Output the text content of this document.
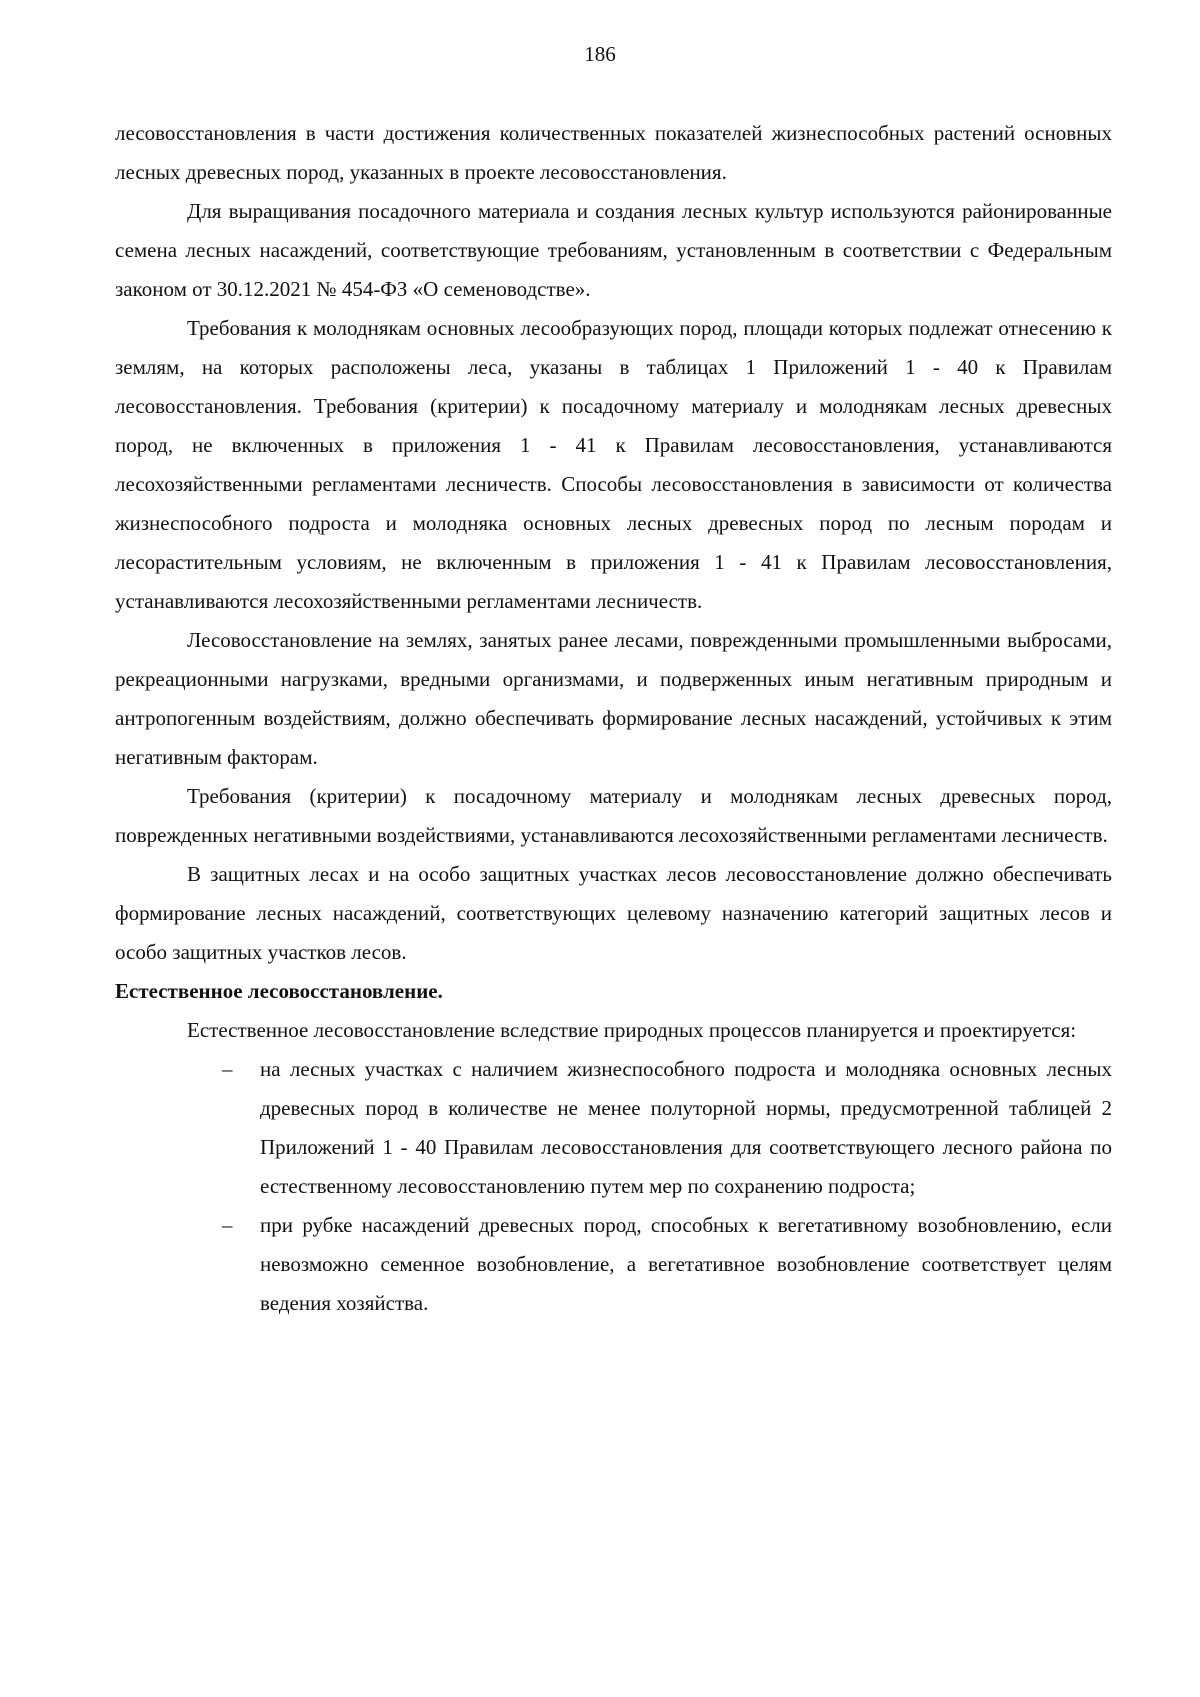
186

лесовосстановления в части достижения количественных показателей жизнеспособных растений основных лесных древесных пород, указанных в проекте лесовосстановления.

Для выращивания посадочного материала и создания лесных культур используются районированные семена лесных насаждений, соответствующие требованиям, установленным в соответствии с Федеральным законом от 30.12.2021 № 454-ФЗ «О семеноводстве».

Требования к молоднякам основных лесообразующих пород, площади которых подлежат отнесению к землям, на которых расположены леса, указаны в таблицах 1 Приложений 1 - 40 к Правилам лесовосстановления. Требования (критерии) к посадочному материалу и молоднякам лесных древесных пород, не включенных в приложения 1 - 41 к Правилам лесовосстановления, устанавливаются лесохозяйственными регламентами лесничеств. Способы лесовосстановления в зависимости от количества жизнеспособного подроста и молодняка основных лесных древесных пород по лесным породам и лесорастительным условиям, не включенным в приложения 1 - 41 к Правилам лесовосстановления, устанавливаются лесохозяйственными регламентами лесничеств.

Лесовосстановление на землях, занятых ранее лесами, поврежденными промышленными выбросами, рекреационными нагрузками, вредными организмами, и подверженных иным негативным природным и антропогенным воздействиям, должно обеспечивать формирование лесных насаждений, устойчивых к этим негативным факторам.

Требования (критерии) к посадочному материалу и молоднякам лесных древесных пород, поврежденных негативными воздействиями, устанавливаются лесохозяйственными регламентами лесничеств.

В защитных лесах и на особо защитных участках лесов лесовосстановление должно обеспечивать формирование лесных насаждений, соответствующих целевому назначению категорий защитных лесов и особо защитных участков лесов.

Естественное лесовосстановление.

Естественное лесовосстановление вследствие природных процессов планируется и проектируется:

– на лесных участках с наличием жизнеспособного подроста и молодняка основных лесных древесных пород в количестве не менее полуторной нормы, предусмотренной таблицей 2 Приложений 1 - 40 Правилам лесовосстановления для соответствующего лесного района по естественному лесовосстановлению путем мер по сохранению подроста;
– при рубке насаждений древесных пород, способных к вегетативному возобновлению, если невозможно семенное возобновление, а вегетативное возобновление соответствует целям ведения хозяйства.
